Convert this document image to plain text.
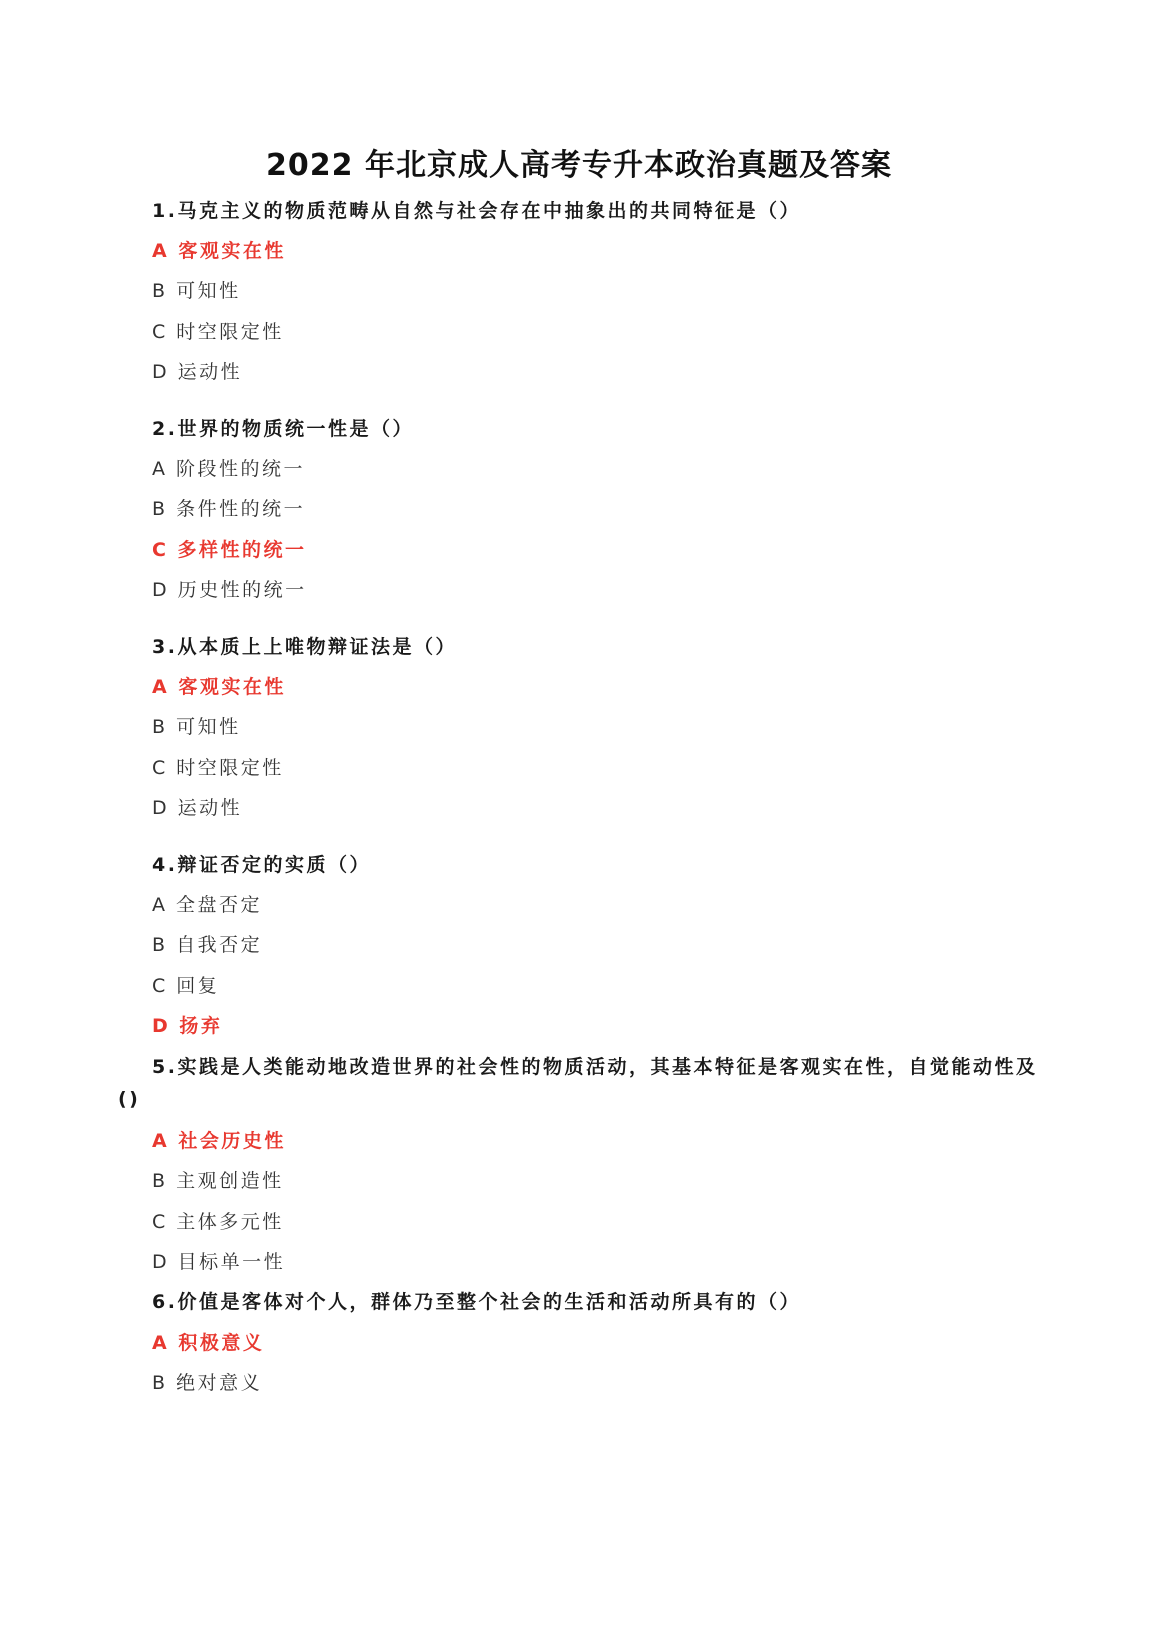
2022 年北京成人高考专升本政治真题及答案
1.马克主义的物质范畴从自然与社会存在中抽象出的共同特征是（）
A 客观实在性
B 可知性
C 时空限定性
D 运动性
2.世界的物质统一性是（）
A 阶段性的统一
B 条件性的统一
C 多样性的统一
D 历史性的统一
3.从本质上上唯物辩证法是（）
A 客观实在性
B 可知性
C 时空限定性
D 运动性
4.辩证否定的实质（）
A 全盘否定
B 自我否定
C 回复
D 扬弃
5.实践是人类能动地改造世界的社会性的物质活动，其基本特征是客观实在性，自觉能动性及
()
A 社会历史性
B 主观创造性
C 主体多元性
D 目标单一性
6.价值是客体对个人，群体乃至整个社会的生活和活动所具有的（）
A 积极意义
B 绝对意义
